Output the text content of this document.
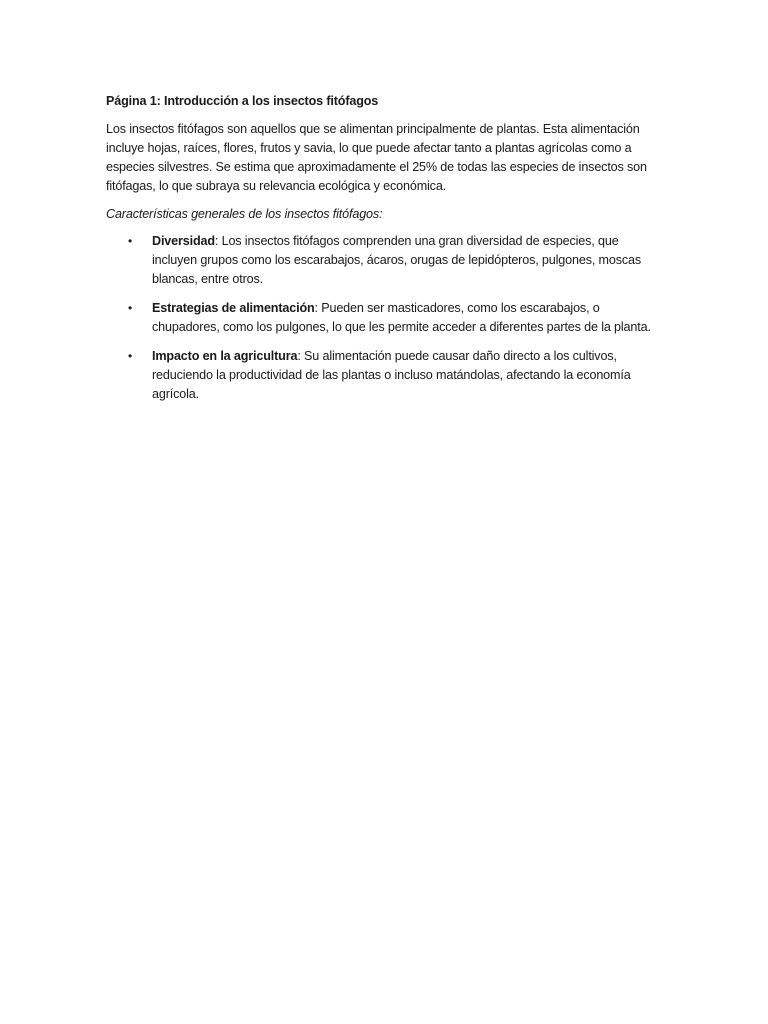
Página 1: Introducción a los insectos fitófagos

Los insectos fitófagos son aquellos que se alimentan principalmente de plantas. Esta alimentación incluye hojas, raíces, flores, frutos y savia, lo que puede afectar tanto a plantas agrícolas como a especies silvestres. Se estima que aproximadamente el 25% de todas las especies de insectos son fitófagas, lo que subraya su relevancia ecológica y económica.

Características generales de los insectos fitófagos:

• Diversidad: Los insectos fitófagos comprenden una gran diversidad de especies, que incluyen grupos como los escarabajos, ácaros, orugas de lepidópteros, pulgones, moscas blancas, entre otros.
• Estrategias de alimentación: Pueden ser masticadores, como los escarabajos, o chupadores, como los pulgones, lo que les permite acceder a diferentes partes de la planta.
• Impacto en la agricultura: Su alimentación puede causar daño directo a los cultivos, reduciendo la productividad de las plantas o incluso matándolas, afectando la economía agrícola.
